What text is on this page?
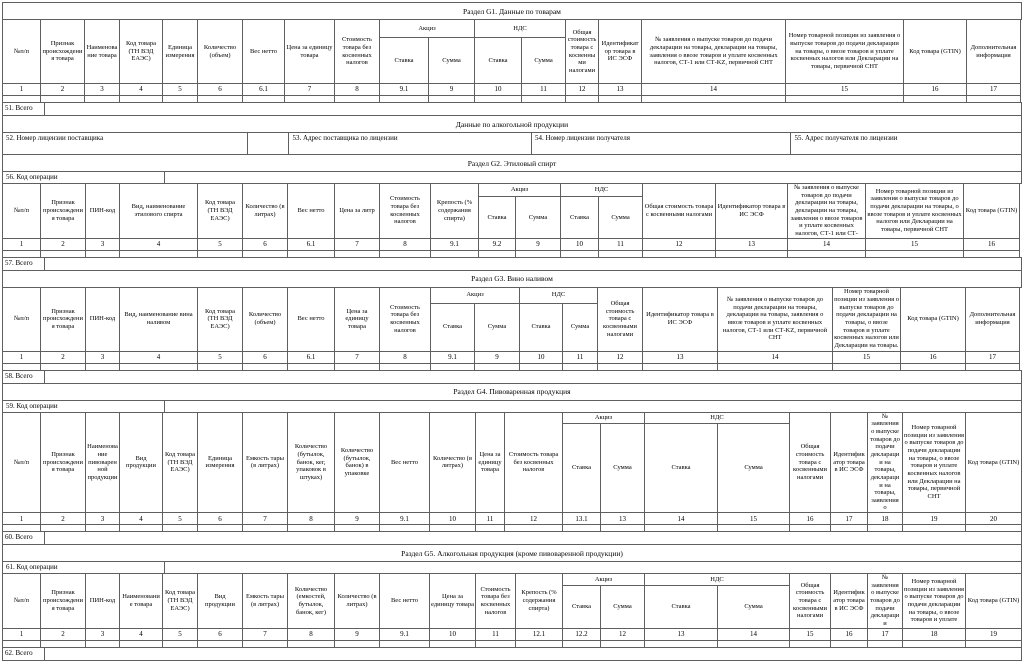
Раздел G1. Данные по товарам
№п/п	Признак происхождения товара	Наименование товара	Код товара (ТН ВЭД ЕАЭС)	Единица измерения	Количество (объем)	Вес нетто	Цена за единицу товара	Стоимость товара без косвенных налогов	Акциз		НДС		Общая стоимость товара с косвенными налогами	Идентификатор товара в ИС ЭСФ	№ заявления о выпуске товаров до подачи декларации на товары, декларации на товары, заявления о ввозе товаров и уплате косвенных налогов, СТ-1 или СТ-KZ, первичной СНТ	Номер товарной позиции из заявления о выпуске товаров до подачи декларации на товары, о ввозе товаров и уплате косвенных налогов или Декларации на товары, первичной СНТ	Код товара (GTIN)	Дополнительная информация

									Ставка	Сумма	Ставка	Сумма						

1	2	3	4	5	6	6.1	7	8	9.1	9	10	11	12	13	14	15	16	17

51. Всего
Данные по алкогольной продукции
52. Номер лицензии поставщика	53. Адрес поставщика по лицензии	54. Номер лицензии получателя	55. Адрес получателя по лицензии
Раздел G2. Этиловый спирт
56. Код операции
№п/п	Признак происхождения товара	ПИН-код	Вид, наименование этилового спирта	Код товара (ТН ВЭД ЕАЭС)	Количество (в литрах)	Вес нетто	Цена за литр	Стоимость товара без косвенных налогов	Крепость (% содержания спирта)	Акциз		НДС		Общая стоимость товара с косвенными налогами	Идентификатор товара в ИС ЭСФ	№ заявления о выпуске товаров до подачи декларации на товары, декларации на товары, заявления о ввозе товаров и уплате косвенных налогов, СТ-1 или СТ-	Номер товарной позиции из заявления о выпуске товаров до подачи декларации на товары, о ввозе товаров и уплате косвенных налогов или Декларации на товары, первичной СНТ	Код товара (GTIN)

										Ставка	Сумма	Ставка	Сумма					

1	2	3	4	5	6	6.1	7	8	9.1	9.2	9	10	11	12	13	14	15	16

57. Всего
Раздел G3. Вино наливом
№п/п	Признак происхождения товара	ПИН-код	Вид, наименование вина наливом	Код товара (ТН ВЭД ЕАЭС)	Количество (объем)	Вес нетто	Цена за единицу товара	Стоимость товара без косвенных налогов	Акциз		НДС		Общая стоимость товара с косвенными налогами	Идентификатор товара в ИС ЭСФ	№ заявления о выпуске товаров до подачи декларации на товары, декларации на товары, заявления о ввозе товаров и уплате косвенных налогов, СТ-1 или СТ-KZ, первичной СНТ	Номер товарной позиции из заявления о выпуске товаров до подачи декларации на товары, о ввозе товаров и уплате косвенных налогов или Декларации на товары.	Код товара (GTIN)	Дополнительная информация

									Ставка	Сумма	Ставка	Сумма						

1	2	3	4	5	6	6.1	7	8	9.1	9	10	11	12	13	14	15	16	17

58. Всего
Раздел G4. Пивоваренная продукция
59. Код операции
№п/п	Признак происхождения товара	Наименование пивоваренной продукции	Вид продукции	Код товара (ТН ВЭД ЕАЭС)	Единица измерения	Емкость тары (в литрах)	Количество (бутылок, банок, кег, упаковок в штуках)	Количество (бутылок, банок) в упаковке	Вес нетто	Количество (в литрах)	Цена за единицу товара	Стоимость товара без косвенных налогов	Акциз		НДС		Общая стоимость товара с косвенными налогами	Идентификатор товара в ИС ЭСФ	№ заявления о выпуске товаров до подачи декларации на товары, декларации на товары, заявления о	Номер товарной позиции из заявления о выпуске товаров до подачи декларации на товары, о ввозе товаров и уплате косвенных налогов или Декларации на товары, первичной СНТ	Код товара (GTIN)

													Ставка	Сумма	Ставка	Сумма					

1	2	3	4	5	6	7	8	9	9.1	10	11	12	13.1	13	14	15	16	17	18	19	20

60. Всего
Раздел G5. Алкогольная продукция (кроме пивоваренной продукции)
61. Код операции
№п/п	Признак происхождения товара	ПИН-код	Наименование товара	Код товара (ТН ВЭД ЕАЭС)	Вид продукции	Емкость тары (в литрах)	Количество (емкостей, бутылок, банок, кег)	Количество (в литрах)	Вес нетто	Цена за единицу товара	Стоимость товара без косвенных налогов	Крепость (% содержания спирта)	Акциз		НДС		Общая стоимость товара с косвенными налогами	Идентификатор товара в ИС ЭСФ	№ заявления о выпуске товаров до подачи декларации	Номер товарной позиции из заявления о выпуске товаров до подачи декларации на товары, о ввозе товаров и уплате	Код товара (GTIN)

													Ставка	Сумма	Ставка	Сумма					

1	2	3	4	5	6	7	8	9	9.1	10	11	12.1	12.2	12	13	14	15	16	17	18	19

62. Всего
